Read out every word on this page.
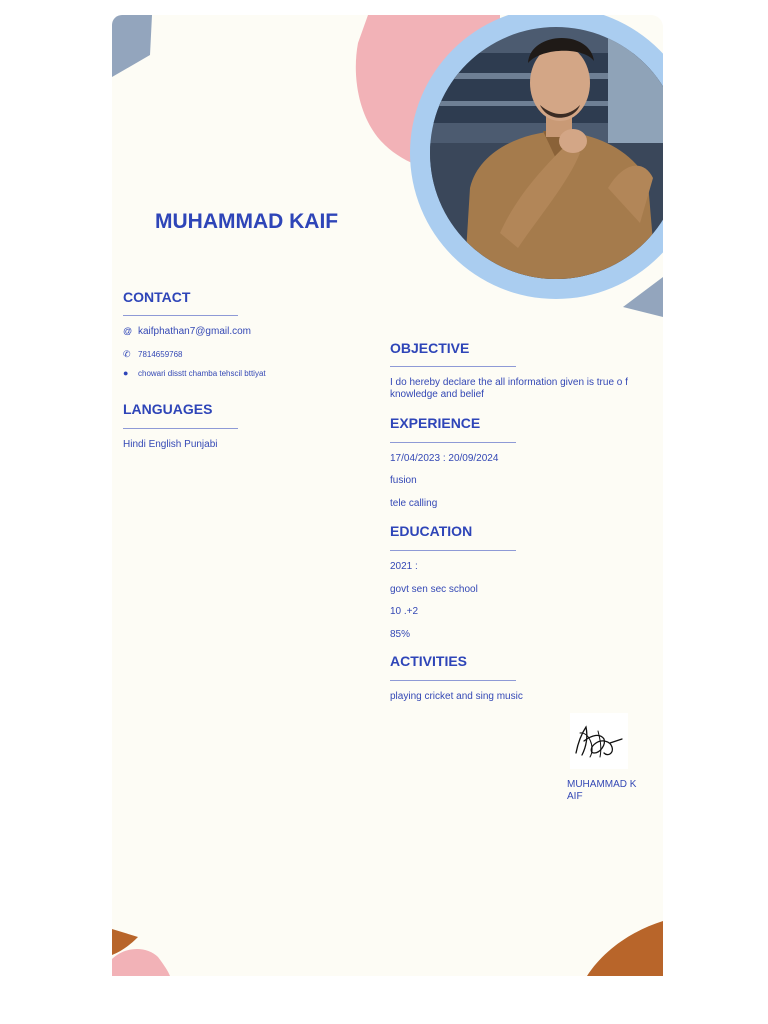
MUHAMMAD KAIF
CONTACT

@ kaifphathan7@gmail.com

✆ 7814659768

● chowari disstt chamba tehscil bttiyat

LANGUAGES

Hindi English Punjabi

OBJECTIVE

I do hereby declare the all information given is true o f knowledge and belief

EXPERIENCE

17/04/2023 : 20/09/2024

fusion

tele calling

EDUCATION

2021 :

govt sen sec school

10 .+2

85%

ACTIVITIES

playing cricket and sing music

MUHAMMAD K AIF
